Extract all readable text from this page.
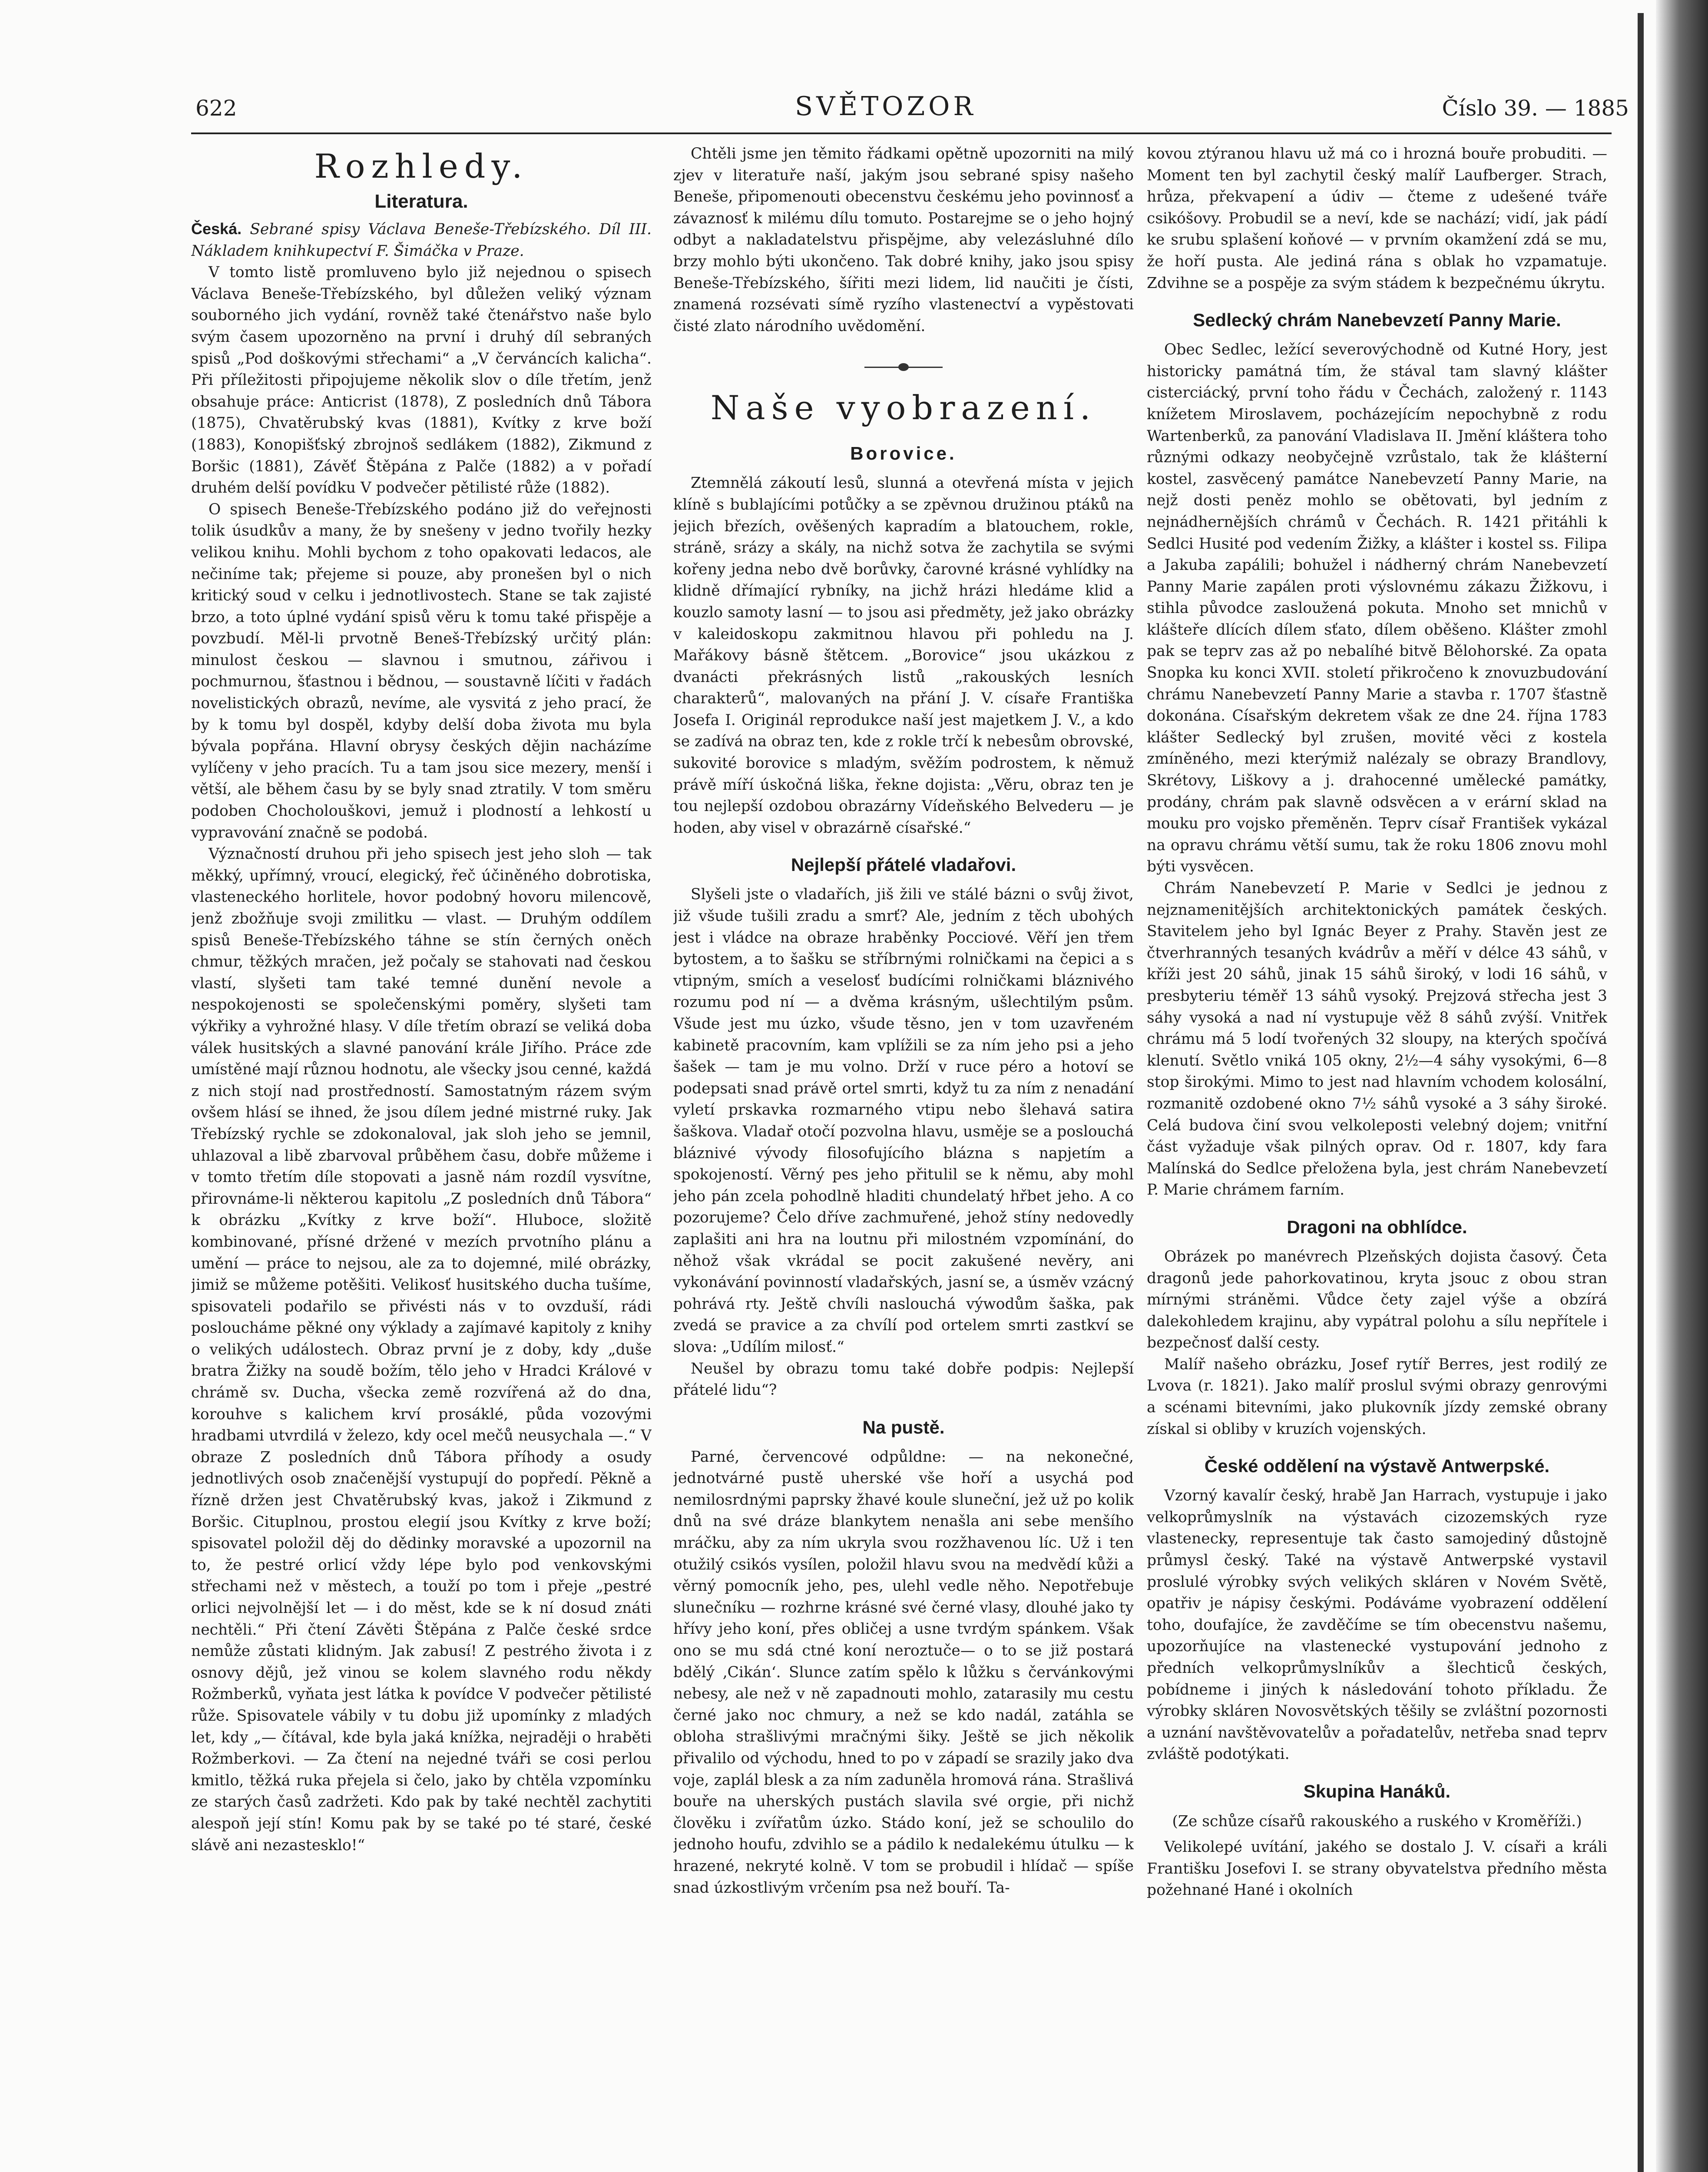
622	SVĚTOZOR	Číslo 39. — 1885
Rozhledy.
Literatura.

Česká. Sebrané spisy Václava Beneše-Třebízského. Díl III. Nákladem knihkupectví F. Šimáčka v Praze.

V tomto listě promluveno bylo již nejednou o spisech Václava Beneše-Třebízského, byl důležen veliký význam souborného jich vydání, rovněž také čtenářstvo naše bylo svým časem upozorněno na první i druhý díl sebraných spisů „Pod doškovými střechami“ a „V červáncích kalicha“. Při příležitosti připojujeme několik slov o díle třetím, jenž obsahuje práce: Anticrist (1878), Z posledních dnů Tábora (1875), Chvatěrubský kvas (1881), Kvítky z krve boží (1883), Konopišťský zbrojnoš sedlákem (1882), Zikmund z Boršic (1881), Závěť Štěpána z Palče (1882) a v pořadí druhém delší povídku V podvečer pětilisté růže (1882).

O spisech Beneše-Třebízského podáno již do veřejnosti tolik úsudkův a many, že by snešeny v jedno tvořily hezky velikou knihu. Mohli bychom z toho opakovati ledacos, ale nečiníme tak; přejeme si pouze, aby pronešen byl o nich kritický soud v celku i jednotlivostech. Stane se tak zajisté brzo, a toto úplné vydání spisů věru k tomu také přispěje a povzbudí. Měl-li prvotně Beneš-Třebízský určitý plán: minulost českou — slavnou i smutnou, zářivou i pochmurnou, šťastnou i bědnou, — soustavně líčiti v řadách novelistických obrazů, nevíme, ale vysvitá z jeho prací, že by k tomu byl dospěl, kdyby delší doba života mu byla bývala popřána. Hlavní obrysy českých dějin nacházíme vylíčeny v jeho pracích. Tu a tam jsou sice mezery, menší i větší, ale během času by se byly snad ztratily. V tom směru podoben Chocholouškovi, jemuž i plodností a lehkostí u vypravování značně se podobá.

Význačností druhou při jeho spisech jest jeho sloh — tak měkký, upřímný, vroucí, elegický, řeč účiněného dobrotiska, vlasteneckého horlitele, hovor podobný hovoru milencově, jenž zbožňuje svoji zmilitku — vlast. — Druhým oddílem spisů Beneše-Třebízského táhne se stín černých oněch chmur, těžkých mračen, jež počaly se stahovati nad českou vlastí, slyšeti tam také temné dunění nevole a nespokojenosti se společenskými poměry, slyšeti tam výkřiky a vyhrožné hlasy. V díle třetím obrazí se veliká doba válek husitských a slavné panování krále Jiřího. Práce zde umístěné mají různou hodnotu, ale všecky jsou cenné, každá z nich stojí nad prostředností. Samostatným rázem svým ovšem hlásí se ihned, že jsou dílem jedné mistrné ruky. Jak Třebízský rychle se zdokonaloval, jak sloh jeho se jemnil, uhlazoval a libě zbarvoval průběhem času, dobře můžeme i v tomto třetím díle stopovati a jasně nám rozdíl vysvítne, přirovnáme-li některou kapitolu „Z posledních dnů Tábora“ k obrázku „Kvítky z krve boží“. Hluboce, složitě kombinované, přísné držené v mezích prvotního plánu a umění — práce to nejsou, ale za to dojemné, milé obrázky, jimiž se můžeme potěšiti. Velikosť husitského ducha tušíme, spisovateli podařilo se přivésti nás v to ovzduší, rádi posloucháme pěkné ony výklady a zajímavé kapitoly z knihy o velikých událostech. Obraz první je z doby, kdy „duše bratra Žižky na soudě božím, tělo jeho v Hradci Králové v chrámě sv. Ducha, všecka země rozvířená až do dna, korouhve s kalichem krví prosáklé, půda vozovými hradbami utvrdilá v železo, kdy ocel mečů neusychala —.“ V obraze Z posledních dnů Tábora příhody a osudy jednotlivých osob značenější vystupují do popředí. Pěkně a řízně držen jest Chvatěrubský kvas, jakož i Zikmund z Boršic. Cituplnou, prostou elegií jsou Kvítky z krve boží; spisovatel položil děj do dědinky moravské a upozornil na to, že pestré orlicí vždy lépe bylo pod venkovskými střechami než v městech, a touží po tom i přeje „pestré orlici nejvolnější let — i do měst, kde se k ní dosud znáti nechtěli.“ Při čtení Závěti Štěpána z Palče české srdce nemůže zůstati klidným. Jak zabusí! Z pestrého života i z osnovy dějů, jež vinou se kolem slavného rodu někdy Rožmberků, vyňata jest látka k povídce V podvečer pětilisté růže. Spisovatele vábily v tu dobu již upomínky z mladých let, kdy „— čítával, kde byla jaká knížka, nejraději o hraběti Rožmberkovi. — Za čtení na nejedné tváři se cosi perlou kmitlo, těžká ruka přejela si čelo, jako by chtěla vzpomínku ze starých časů zadržeti. Kdo pak by také nechtěl zachytiti alespoň její stín! Komu pak by se také po té staré, české slávě ani nezastesklo!“

Chtěli jsme jen těmito řádkami opětně upozorniti na milý zjev v literatuře naší, jakým jsou sebrané spisy našeho Beneše, připomenouti obecenstvu českému jeho povinnosť a závaznosť k milému dílu tomuto. Postarejme se o jeho hojný odbyt a nakladatelstvu přispějme, aby velezásluhné dílo brzy mohlo býti ukončeno. Tak dobré knihy, jako jsou spisy Beneše-Třebízského, šířiti mezi lidem, lid naučiti je čísti, znamená rozsévati símě ryzího vlastenectví a vypěstovati čisté zlato národního uvědomění.

Naše vyobrazení.
Borovice.

Ztemnělá zákoutí lesů, slunná a otevřená místa v jejich klíně s bublajícími potůčky a se zpěvnou družinou ptáků na jejich březích, ověšených kapradím a blatouchem, rokle, stráně, srázy a skály, na nichž sotva že zachytila se svými kořeny jedna nebo dvě borůvky, čarovné krásné vyhlídky na klidně dřímající rybníky, na jichž hrázi hledáme klid a kouzlo samoty lasní — to jsou asi předměty, jež jako obrázky v kaleidoskopu zakmitnou hlavou při pohledu na J. Mařákovy básně štětcem. „Borovice“ jsou ukázkou z dvanácti překrásných listů „rakouských lesních charakterů“, malovaných na přání J. V. císaře Františka Josefa I. Originál reprodukce naší jest majetkem J. V., a kdo se zadívá na obraz ten, kde z rokle trčí k nebesům obrovské, sukovité borovice s mladým, svěžím podrostem, k němuž právě míří úskočná liška, řekne dojista: „Věru, obraz ten je tou nejlepší ozdobou obrazárny Vídeňského Belvederu — je hoden, aby visel v obrazárně císařské.“

Nejlepší přátelé vladařovi.

Slyšeli jste o vladařích, jiš žili ve stálé bázni o svůj život, již všude tušili zradu a smrť? Ale, jedním z těch ubohých jest i vládce na obraze hraběnky Pocciové. Věří jen třem bytostem, a to šašku se stříbrnými rolničkami na čepici a s vtipným, smích a veselosť budícími rolničkami bláznivého rozumu pod ní — a dvěma krásným, ušlechtilým psům. Všude jest mu úzko, všude těsno, jen v tom uzavřeném kabinetě pracovním, kam vplížili se za ním jeho psi a jeho šašek — tam je mu volno. Drží v ruce péro a hotoví se podepsati snad právě ortel smrti, když tu za ním z nenadání vyletí prskavka rozmarného vtipu nebo šlehavá satira šaškova. Vladař otočí pozvolna hlavu, usměje se a poslouchá bláznivé vývody filosofujícího blázna s napjetím a spokojeností. Věrný pes jeho přitulil se k němu, aby mohl jeho pán zcela pohodlně hladiti chundelatý hřbet jeho. A co pozorujeme? Čelo dříve zachmuřené, jehož stíny nedovedly zaplašiti ani hra na loutnu při milostném vzpomínání, do něhož však vkrádal se pocit zakušené nevěry, ani vykonávání povinností vladařských, jasní se, a úsměv vzácný pohrává rty. Ještě chvíli naslouchá výwodům šaška, pak zvedá se pravice a za chvílí pod ortelem smrti zastkví se slova: „Udílím milosť.“

Neušel by obrazu tomu také dobře podpis: Nejlepší přátelé lidu“?

Na pustě.

Parné, červencové odpůldne: — na nekonečné, jednotvárné pustě uherské vše hoří a usychá pod nemilosrdnými paprsky žhavé koule sluneční, jež už po kolik dnů na své dráze blankytem nenašla ani sebe menšího mráčku, aby za ním ukryla svou rozžhavenou líc. Už i ten otužilý csikós vysílen, položil hlavu svou na medvědí kůži a věrný pomocník jeho, pes, ulehl vedle něho. Nepotřebuje slunečníku — rozhrne krásné své černé vlasy, dlouhé jako ty hřívy jeho koní, přes obličej a usne tvrdým spánkem. Však ono se mu sdá ctné koní neroztuče— o to se již postará bdělý ‚Cikán‘. Slunce zatím spělo k lůžku s červánkovými nebesy, ale než v ně zapadnouti mohlo, zatarasily mu cestu černé jako noc chmury, a než se kdo nadál, zatáhla se obloha strašlivými mračnými šiky. Ještě se jich několik přivalilo od východu, hned to po v západí se srazily jako dva voje, zaplál blesk a za ním zaduněla hromová rána. Strašlivá bouře na uherských pustách slavila své orgie, při nichž člověku i zvířatům úzko. Stádo koní, jež se schoulilo do jednoho houfu, zdvihlo se a pádilo k nedalekému útulku — k hrazené, nekryté kolně. V tom se probudil i hlídač — spíše snad úzkostlivým vrčením psa než bouří. Ta-

kovou ztýranou hlavu už má co i hrozná bouře probuditi. — Moment ten byl zachytil český malíř Laufberger. Strach, hrůza, překvapení a údiv — čteme z udešené tváře csikóšovy. Probudil se a neví, kde se nachází; vidí, jak pádí ke srubu splašení koňové — v prvním okamžení zdá se mu, že hoří pusta. Ale jediná rána s oblak ho vzpamatuje. Zdvihne se a pospěje za svým stádem k bezpečnému úkrytu.

Sedlecký chrám Nanebevzetí Panny Marie.

Obec Sedlec, ležící severovýchodně od Kutné Hory, jest historicky památná tím, že stával tam slavný klášter cisterciácký, první toho řádu v Čechách, založený r. 1143 knížetem Miroslavem, pocházejícím nepochybně z rodu Wartenberků, za panování Vladislava II. Jmění kláštera toho různými odkazy neobyčejně vzrůstalo, tak že klášterní kostel, zasvěcený památce Nanebevzetí Panny Marie, na nejž dosti peněz mohlo se obětovati, byl jedním z nejnádhernějších chrámů v Čechách. R. 1421 přitáhli k Sedlci Husité pod vedením Žižky, a klášter i kostel ss. Filipa a Jakuba zapálili; bohužel i nádherný chrám Nanebevzetí Panny Marie zapálen proti výslovnému zákazu Žižkovu, i stihla původce zasloužená pokuta. Mnoho set mnichů v klášteře dlících dílem sťato, dílem oběšeno. Klášter zmohl pak se teprv zas až po nebalíhé bitvě Bělohorské. Za opata Snopka ku konci XVII. století přikročeno k znovuzbudování chrámu Nanebevzetí Panny Marie a stavba r. 1707 šťastně dokonána. Císařským dekretem však ze dne 24. října 1783 klášter Sedlecký byl zrušen, movité věci z kostela zmíněného, mezi kterýmiž nalézaly se obrazy Brandlovy, Skrétovy, Liškovy a j. drahocenné umělecké památky, prodány, chrám pak slavně odsvěcen a v erární sklad na mouku pro vojsko přeměněn. Teprv císař František vykázal na opravu chrámu větší sumu, tak že roku 1806 znovu mohl býti vysvěcen.

Chrám Nanebevzetí P. Marie v Sedlci je jednou z nejznamenitějších architektonických památek českých. Stavitelem jeho byl Ignác Beyer z Prahy. Stavěn jest ze čtverhranných tesaných kvádrův a měří v délce 43 sáhů, v kříži jest 20 sáhů, jinak 15 sáhů široký, v lodi 16 sáhů, v presbyteriu téměř 13 sáhů vysoký. Prejzová střecha jest 3 sáhy vysoká a nad ní vystupuje věž 8 sáhů zvýší. Vnitřek chrámu má 5 lodí tvořených 32 sloupy, na kterých spočívá klenutí. Světlo vniká 105 okny, 2½—4 sáhy vysokými, 6—8 stop širokými. Mimo to jest nad hlavním vchodem kolosální, rozmanitě ozdobené okno 7½ sáhů vysoké a 3 sáhy široké. Celá budova činí svou velkoleposti velebný dojem; vnitřní část vyžaduje však pilných oprav. Od r. 1807, kdy fara Malínská do Sedlce přeložena byla, jest chrám Nanebevzetí P. Marie chrámem farním.

Dragoni na obhlídce.

Obrázek po manévrech Plzeňských dojista časový. Četa dragonů jede pahorkovatinou, kryta jsouc z obou stran mírnými stráněmi. Vůdce čety zajel výše a obzírá dalekohledem krajinu, aby vypátral polohu a sílu nepřítele i bezpečnosť další cesty.

Malíř našeho obrázku, Josef rytíř Berres, jest rodilý ze Lvova (r. 1821). Jako malíř proslul svými obrazy genrovými a scénami bitevními, jako plukovník jízdy zemské obrany získal si obliby v kruzích vojenských.

České oddělení na výstavě Antwerpské.

Vzorný kavalír český, hrabě Jan Harrach, vystupuje i jako velkoprůmyslník na výstavách cizozemských ryze vlastenecky, representuje tak často samojediný důstojně průmysl český. Také na výstavě Antwerpské vystavil proslulé výrobky svých velikých skláren v Novém Světě, opatřiv je nápisy českými. Podáváme vyobrazení oddělení toho, doufajíce, že zavděčíme se tím obecenstvu našemu, upozorňujíce na vlastenecké vystupování jednoho z předních velkoprůmyslníkův a šlechticů českých, pobídneme i jiných k následování tohoto příkladu. Že výrobky skláren Novosvětských těšily se zvláštní pozornosti a uznání navštěvovatelův a pořadatelův, netřeba snad teprv zvláště podotýkati.

Skupina Hanáků.
(Ze schůze císařů rakouského a ruského v Kroměříži.)

Velikolepé uvítání, jakého se dostalo J. V. císaři a králi Františku Josefovi I. se strany obyvatelstva předního města požehnané Hané i okolních
